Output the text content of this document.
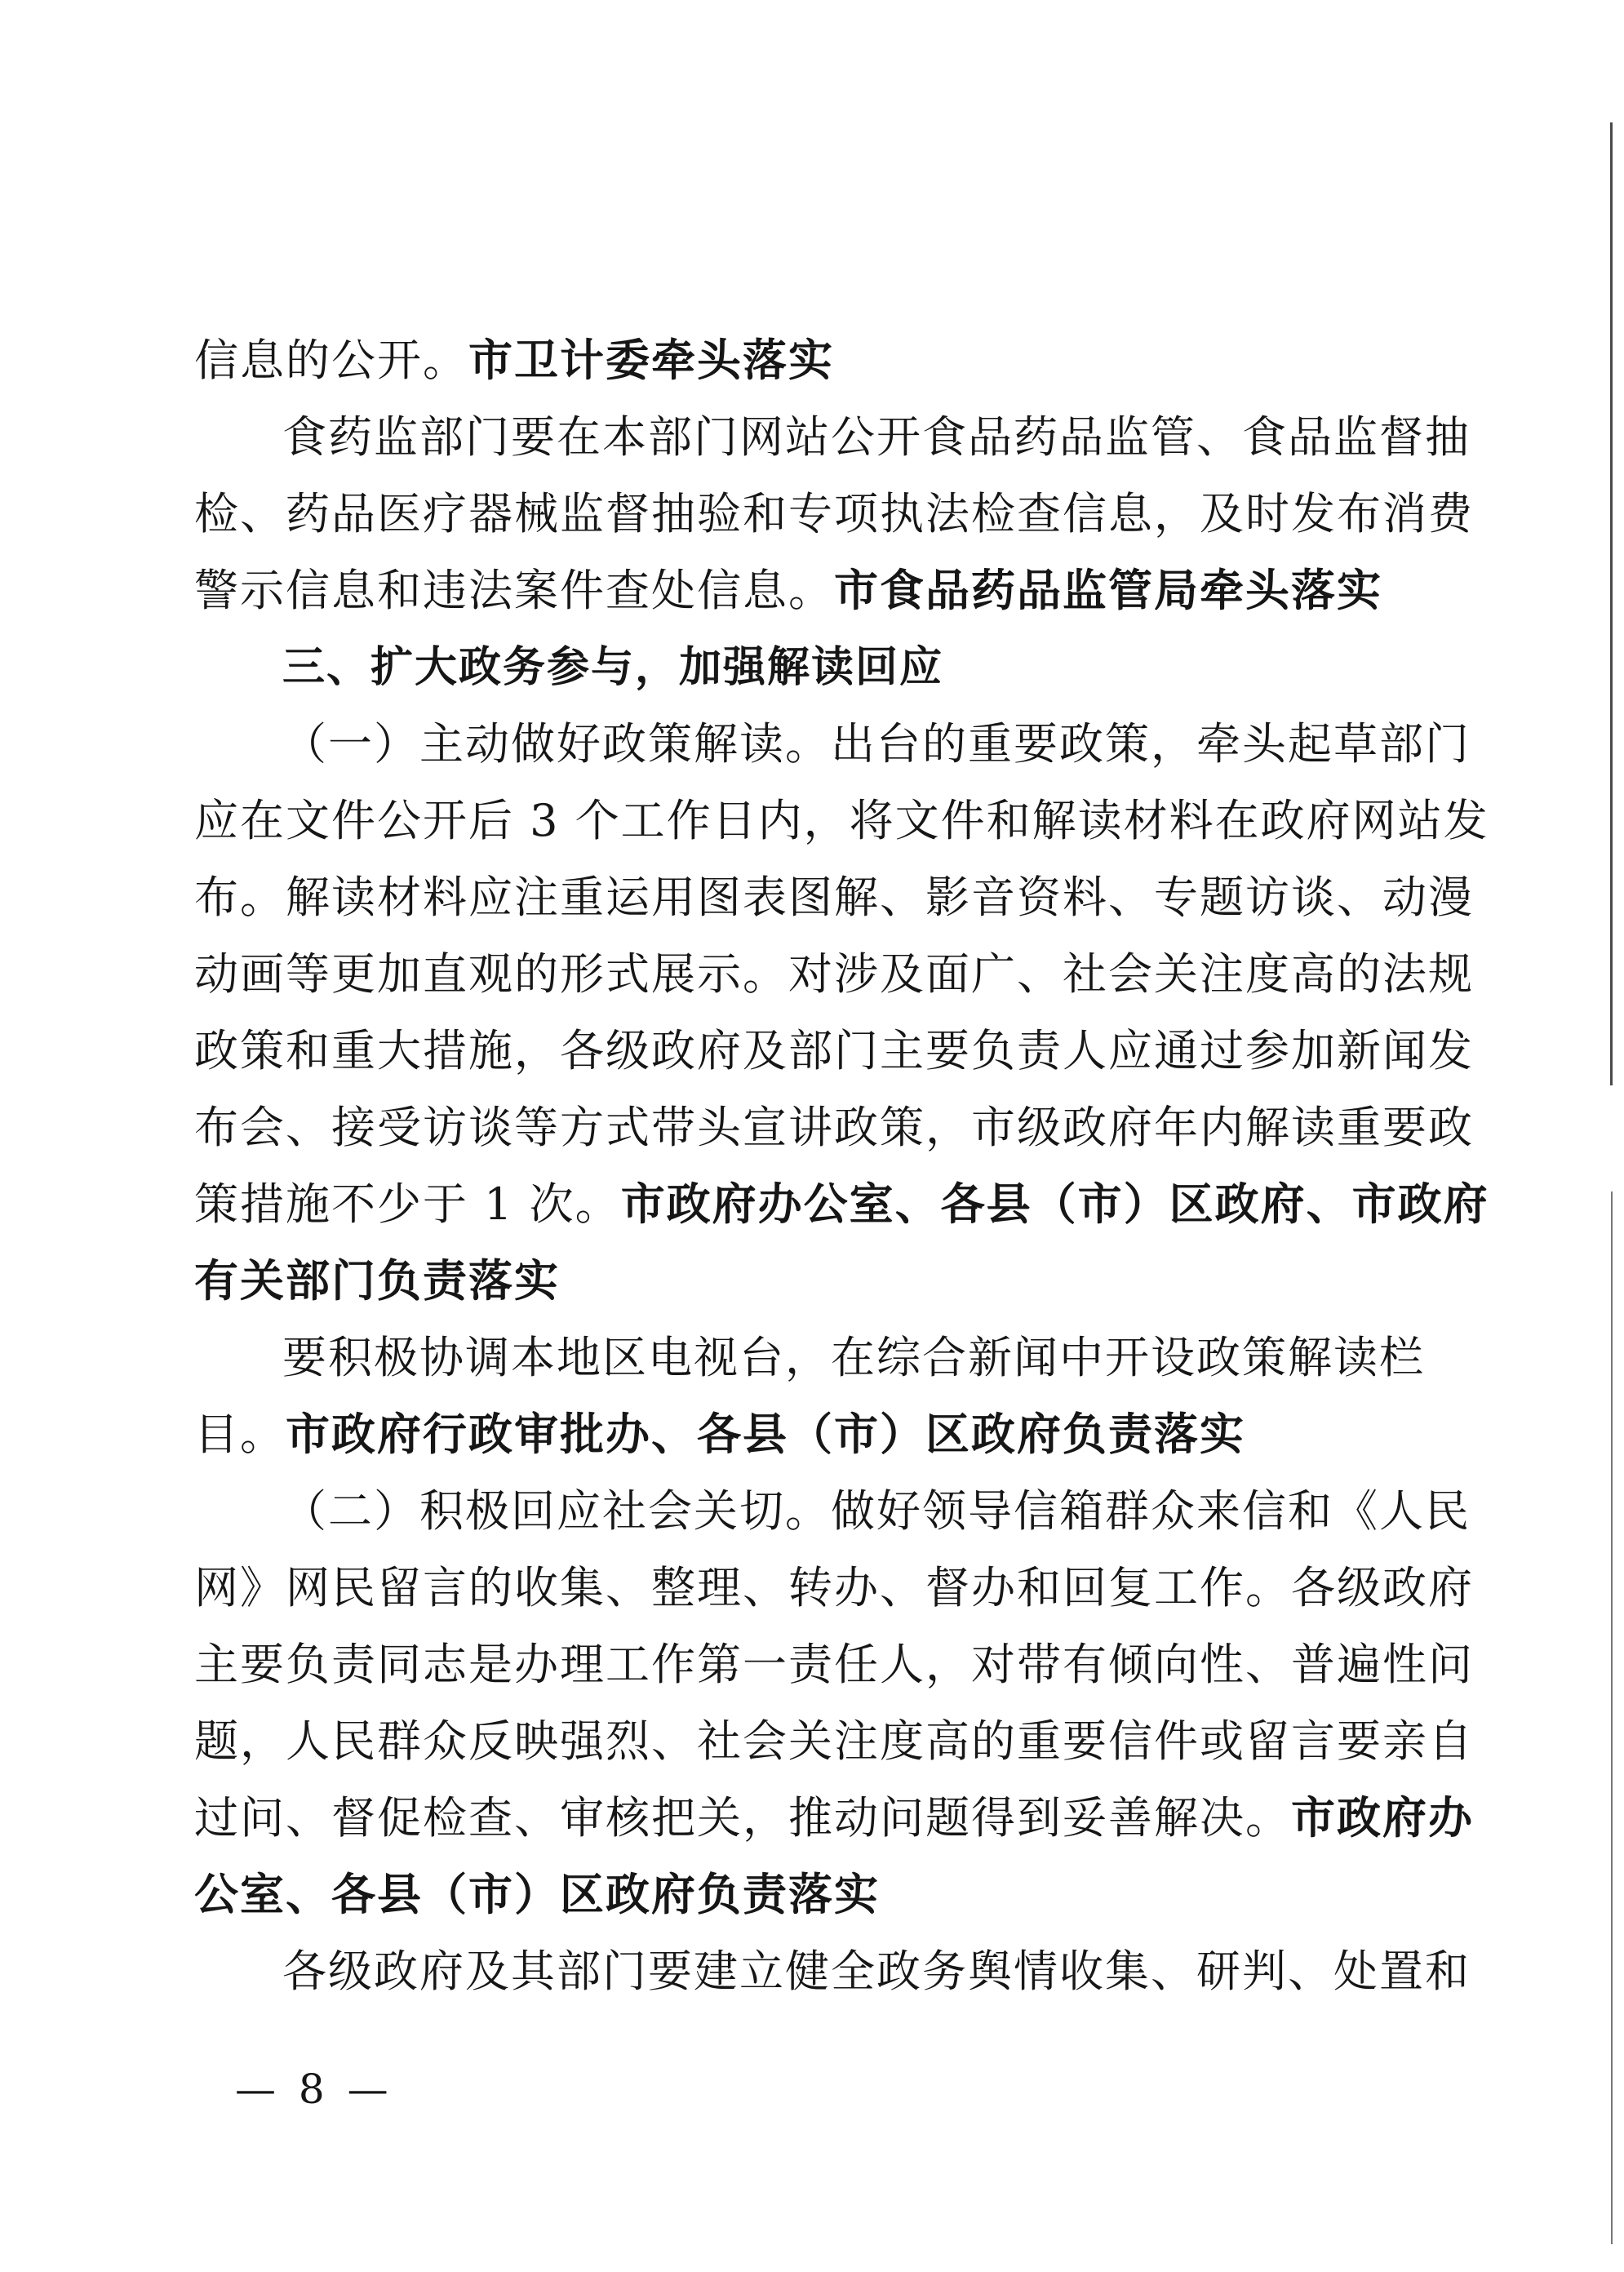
信息的公开。市卫计委牵头落实
食药监部门要在本部门网站公开食品药品监管、食品监督抽
检、药品医疗器械监督抽验和专项执法检查信息，及时发布消费
警示信息和违法案件查处信息。市食品药品监管局牵头落实
三、扩大政务参与，加强解读回应
（一）主动做好政策解读。出台的重要政策，牵头起草部门
应在文件公开后 3 个工作日内，将文件和解读材料在政府网站发
布。解读材料应注重运用图表图解、影音资料、专题访谈、动漫
动画等更加直观的形式展示。对涉及面广、社会关注度高的法规
政策和重大措施，各级政府及部门主要负责人应通过参加新闻发
布会、接受访谈等方式带头宣讲政策，市级政府年内解读重要政
策措施不少于 1 次。市政府办公室、各县（市）区政府、市政府
有关部门负责落实
要积极协调本地区电视台，在综合新闻中开设政策解读栏
目。市政府行政审批办、各县（市）区政府负责落实
（二）积极回应社会关切。做好领导信箱群众来信和《人民
网》网民留言的收集、整理、转办、督办和回复工作。各级政府
主要负责同志是办理工作第一责任人，对带有倾向性、普遍性问
题，人民群众反映强烈、社会关注度高的重要信件或留言要亲自
过问、督促检查、审核把关，推动问题得到妥善解决。市政府办
公室、各县（市）区政府负责落实
各级政府及其部门要建立健全政务舆情收集、研判、处置和
— 8 —
